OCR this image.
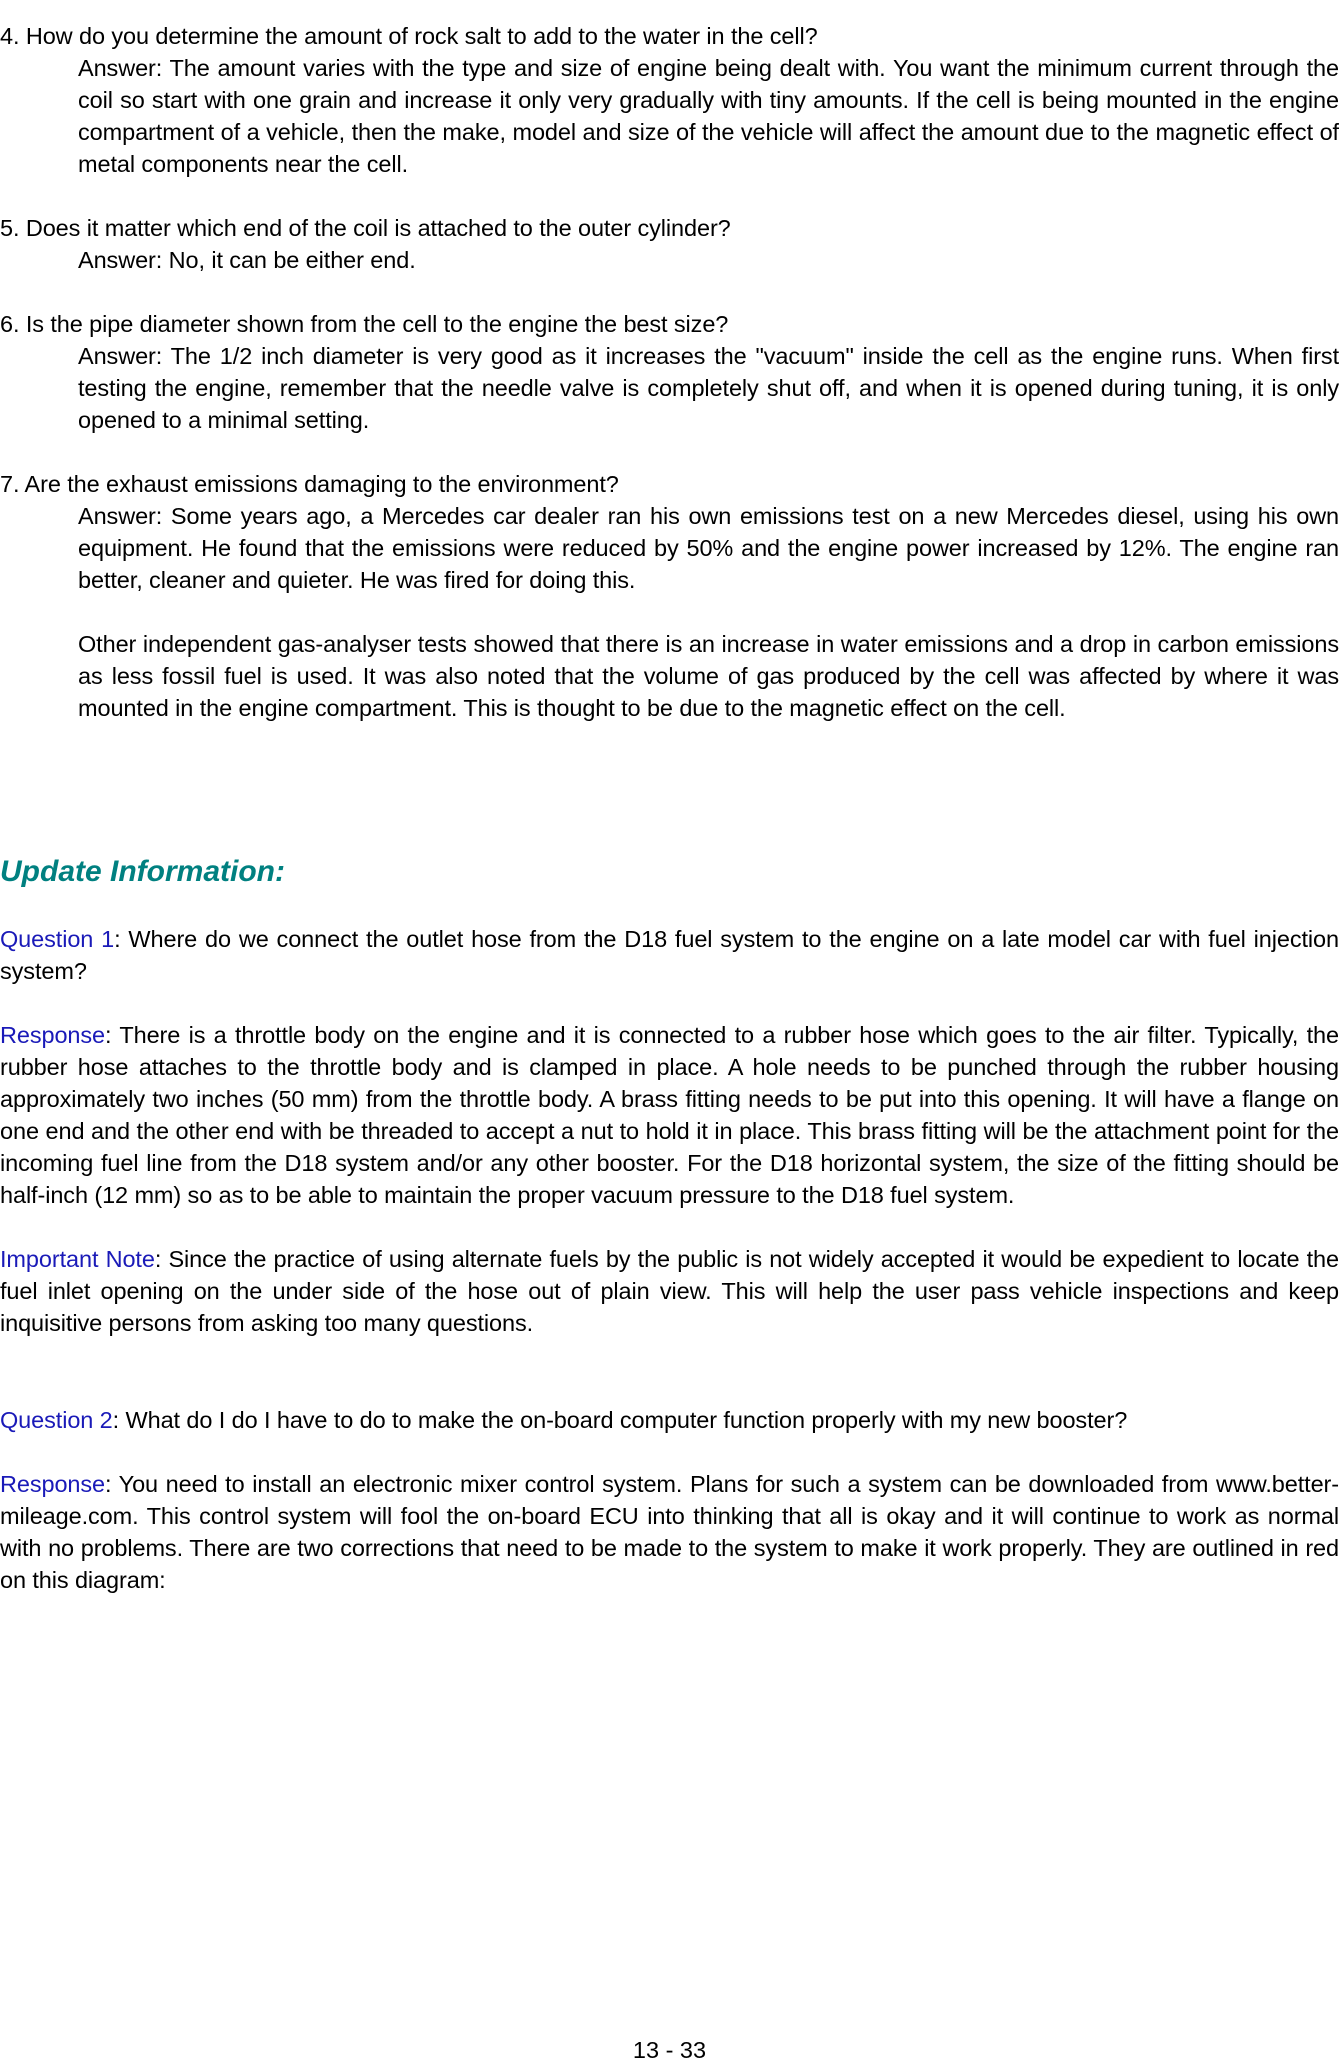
4. How do you determine the amount of rock salt to add to the water in the cell?

Answer: The amount varies with the type and size of engine being dealt with. You want the minimum current through the coil so start with one grain and increase it only very gradually with tiny amounts. If the cell is being mounted in the engine compartment of a vehicle, then the make, model and size of the vehicle will affect the amount due to the magnetic effect of metal components near the cell.

5. Does it matter which end of the coil is attached to the outer cylinder?

Answer: No, it can be either end.

6. Is the pipe diameter shown from the cell to the engine the best size?

Answer: The 1/2 inch diameter is very good as it increases the "vacuum" inside the cell as the engine runs. When first testing the engine, remember that the needle valve is completely shut off, and when it is opened during tuning, it is only opened to a minimal setting.

7. Are the exhaust emissions damaging to the environment?

Answer: Some years ago, a Mercedes car dealer ran his own emissions test on a new Mercedes diesel, using his own equipment. He found that the emissions were reduced by 50% and the engine power increased by 12%. The engine ran better, cleaner and quieter. He was fired for doing this.

Other independent gas-analyser tests showed that there is an increase in water emissions and a drop in carbon emissions as less fossil fuel is used. It was also noted that the volume of gas produced by the cell was affected by where it was mounted in the engine compartment. This is thought to be due to the magnetic effect on the cell.

Update Information:

Question 1: Where do we connect the outlet hose from the D18 fuel system to the engine on a late model car with fuel injection system?

Response: There is a throttle body on the engine and it is connected to a rubber hose which goes to the air filter. Typically, the rubber hose attaches to the throttle body and is clamped in place. A hole needs to be punched through the rubber housing approximately two inches (50 mm) from the throttle body. A brass fitting needs to be put into this opening. It will have a flange on one end and the other end with be threaded to accept a nut to hold it in place. This brass fitting will be the attachment point for the incoming fuel line from the D18 system and/or any other booster. For the D18 horizontal system, the size of the fitting should be half-inch (12 mm) so as to be able to maintain the proper vacuum pressure to the D18 fuel system.

Important Note: Since the practice of using alternate fuels by the public is not widely accepted it would be expedient to locate the fuel inlet opening on the under side of the hose out of plain view. This will help the user pass vehicle inspections and keep inquisitive persons from asking too many questions.

Question 2: What do I do I have to do to make the on-board computer function properly with my new booster?

Response: You need to install an electronic mixer control system. Plans for such a system can be downloaded from www.better-mileage.com. This control system will fool the on-board ECU into thinking that all is okay and it will continue to work as normal with no problems. There are two corrections that need to be made to the system to make it work properly. They are outlined in red on this diagram:

13 - 33
